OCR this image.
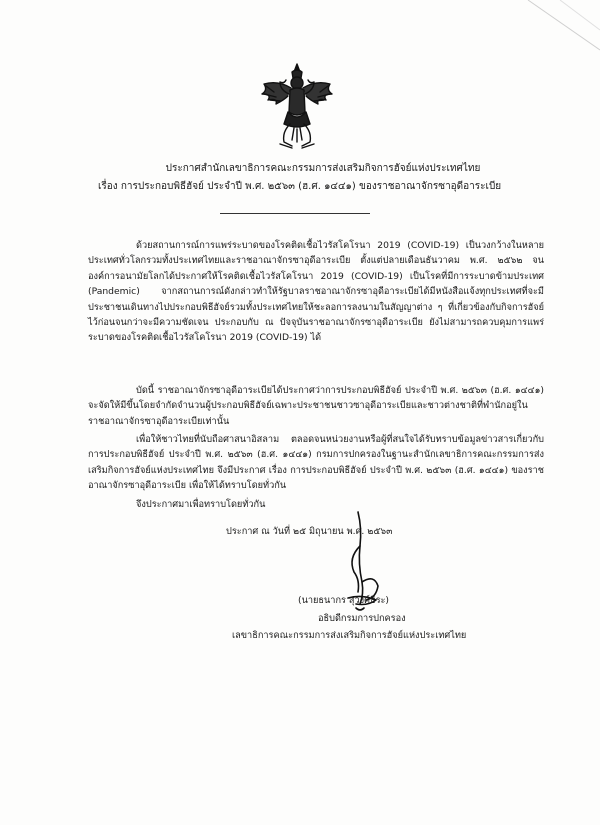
ประกาศสำนักเลขาธิการคณะกรรมการส่งเสริมกิจการฮัจย์แห่งประเทศไทย
เรื่อง การประกอบพิธีฮัจย์ ประจำปี พ.ศ. ๒๕๖๓ (ฮ.ศ. ๑๔๔๑) ของราชอาณาจักรซาอุดีอาระเบีย
ด้วยสถานการณ์การแพร่ระบาดของโรคติดเชื้อไวรัสโคโรนา 2019 (COVID-19) เป็นวงกว้างในหลายประเทศทั่วโลกรวมทั้งประเทศไทยและราชอาณาจักรซาอุดีอาระเบีย ตั้งแต่ปลายเดือนธันวาคม พ.ศ. ๒๕๖๒ จนองค์การอนามัยโลกได้ประกาศให้โรคติดเชื้อไวรัสโคโรนา 2019 (COVID-19) เป็นโรคที่มีการระบาดข้ามประเทศ (Pandemic) จากสถานการณ์ดังกล่าวทำให้รัฐบาลราชอาณาจักรซาอุดีอาระเบียได้มีหนังสือแจ้งทุกประเทศที่จะมีประชาชนเดินทางไปประกอบพิธีฮัจย์รวมทั้งประเทศไทยให้ชะลอการลงนามในสัญญาต่าง ๆ ที่เกี่ยวข้องกับกิจการฮัจย์ไว้ก่อนจนกว่าจะมีความชัดเจน ประกอบกับ ณ ปัจจุบันราชอาณาจักรซาอุดีอาระเบีย ยังไม่สามารถควบคุมการแพร่ระบาดของโรคติดเชื้อไวรัสโคโรนา 2019 (COVID-19) ได้
บัดนี้ ราชอาณาจักรซาอุดีอาระเบียได้ประกาศว่าการประกอบพิธีฮัจย์ ประจำปี พ.ศ. ๒๕๖๓ (ฮ.ศ. ๑๔๔๑) จะจัดให้มีขึ้นโดยจำกัดจำนวนผู้ประกอบพิธีฮัจย์เฉพาะประชาชนชาวซาอุดีอาระเบียและชาวต่างชาติที่พำนักอยู่ในราชอาณาจักรซาอุดีอาระเบียเท่านั้น
เพื่อให้ชาวไทยที่นับถือศาสนาอิสลาม ตลอดจนหน่วยงานหรือผู้ที่สนใจได้รับทราบข้อมูลข่าวสารเกี่ยวกับการประกอบพิธีฮัจย์ ประจำปี พ.ศ. ๒๕๖๓ (ฮ.ศ. ๑๔๔๑) กรมการปกครองในฐานะสำนักเลขาธิการคณะกรรมการส่งเสริมกิจการฮัจย์แห่งประเทศไทย จึงมีประกาศ เรื่อง การประกอบพิธีฮัจย์ ประจำปี พ.ศ. ๒๕๖๓ (ฮ.ศ. ๑๔๔๑) ของราชอาณาจักรซาอุดีอาระเบีย เพื่อให้ได้ทราบโดยทั่วกัน
จึงประกาศมาเพื่อทราบโดยทั่วกัน
ประกาศ ณ วันที่ ๒๕ มิถุนายน พ.ศ. ๒๕๖๓
(นายธนากร สุวงศ์ธิระ)
อธิบดีกรมการปกครอง
เลขาธิการคณะกรรมการส่งเสริมกิจการฮัจย์แห่งประเทศไทย
